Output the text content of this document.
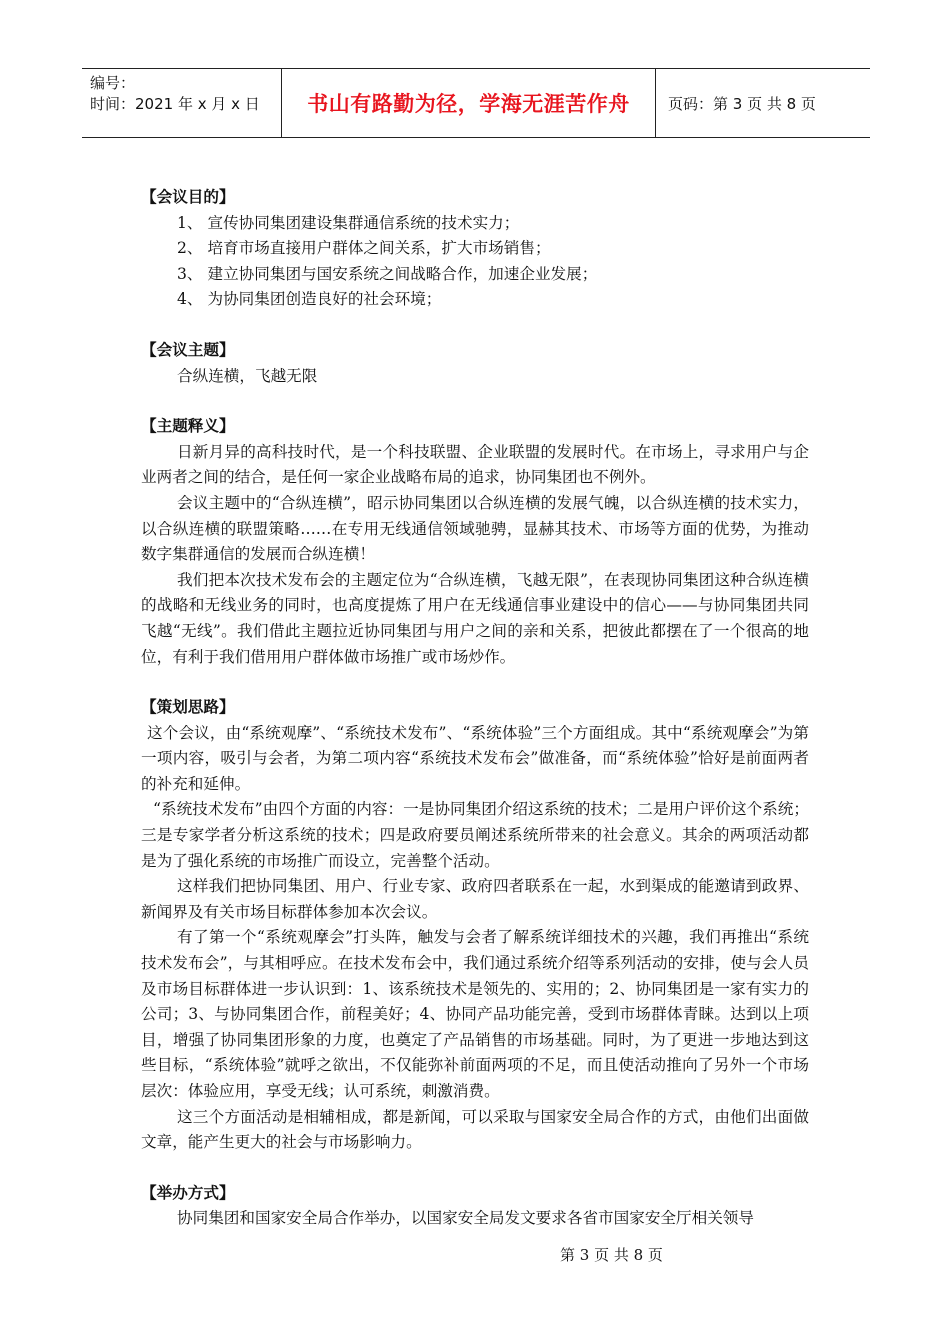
编号：
时间：2021 年 x 月 x 日	书山有路勤为径，学海无涯苦作舟	页码：第 3 页 共 8 页

【会议目的】

1、 宣传协同集团建设集群通信系统的技术实力；

2、 培育市场直接用户群体之间关系，扩大市场销售；

3、 建立协同集团与国安系统之间战略合作，加速企业发展；

4、 为协同集团创造良好的社会环境；

【会议主题】

合纵连横，飞越无限

【主题释义】

日新月异的高科技时代，是一个科技联盟、企业联盟的发展时代。在市场上，寻求用户与企业两者之间的结合，是任何一家企业战略布局的追求，协同集团也不例外。

会议主题中的“合纵连横”，昭示协同集团以合纵连横的发展气魄，以合纵连横的技术实力，以合纵连横的联盟策略……在专用无线通信领域驰骋，显赫其技术、市场等方面的优势，为推动数字集群通信的发展而合纵连横！

我们把本次技术发布会的主题定位为“合纵连横，飞越无限”，在表现协同集团这种合纵连横的战略和无线业务的同时，也高度提炼了用户在无线通信事业建设中的信心——与协同集团共同飞越“无线”。我们借此主题拉近协同集团与用户之间的亲和关系，把彼此都摆在了一个很高的地位，有利于我们借用用户群体做市场推广或市场炒作。

【策划思路】

这个会议，由“系统观摩”、“系统技术发布”、“系统体验”三个方面组成。其中“系统观摩会”为第一项内容，吸引与会者，为第二项内容“系统技术发布会”做准备，而“系统体验”恰好是前面两者的补充和延伸。

“系统技术发布”由四个方面的内容：一是协同集团介绍这系统的技术；二是用户评价这个系统；三是专家学者分析这系统的技术；四是政府要员阐述系统所带来的社会意义。其余的两项活动都是为了强化系统的市场推广而设立，完善整个活动。

这样我们把协同集团、用户、行业专家、政府四者联系在一起，水到渠成的能邀请到政界、新闻界及有关市场目标群体参加本次会议。

有了第一个“系统观摩会”打头阵，触发与会者了解系统详细技术的兴趣，我们再推出“系统技术发布会”，与其相呼应。在技术发布会中，我们通过系统介绍等系列活动的安排，使与会人员及市场目标群体进一步认识到：1、该系统技术是领先的、实用的；2、协同集团是一家有实力的公司；3、与协同集团合作，前程美好；4、协同产品功能完善，受到市场群体青睐。达到以上项目，增强了协同集团形象的力度，也奠定了产品销售的市场基础。同时，为了更进一步地达到这些目标，“系统体验”就呼之欲出，不仅能弥补前面两项的不足，而且使活动推向了另外一个市场层次：体验应用，享受无线；认可系统，刺激消费。

这三个方面活动是相辅相成，都是新闻，可以采取与国家安全局合作的方式，由他们出面做文章，能产生更大的社会与市场影响力。

【举办方式】

协同集团和国家安全局合作举办，以国家安全局发文要求各省市国家安全厅相关领导

第 3 页 共 8 页
